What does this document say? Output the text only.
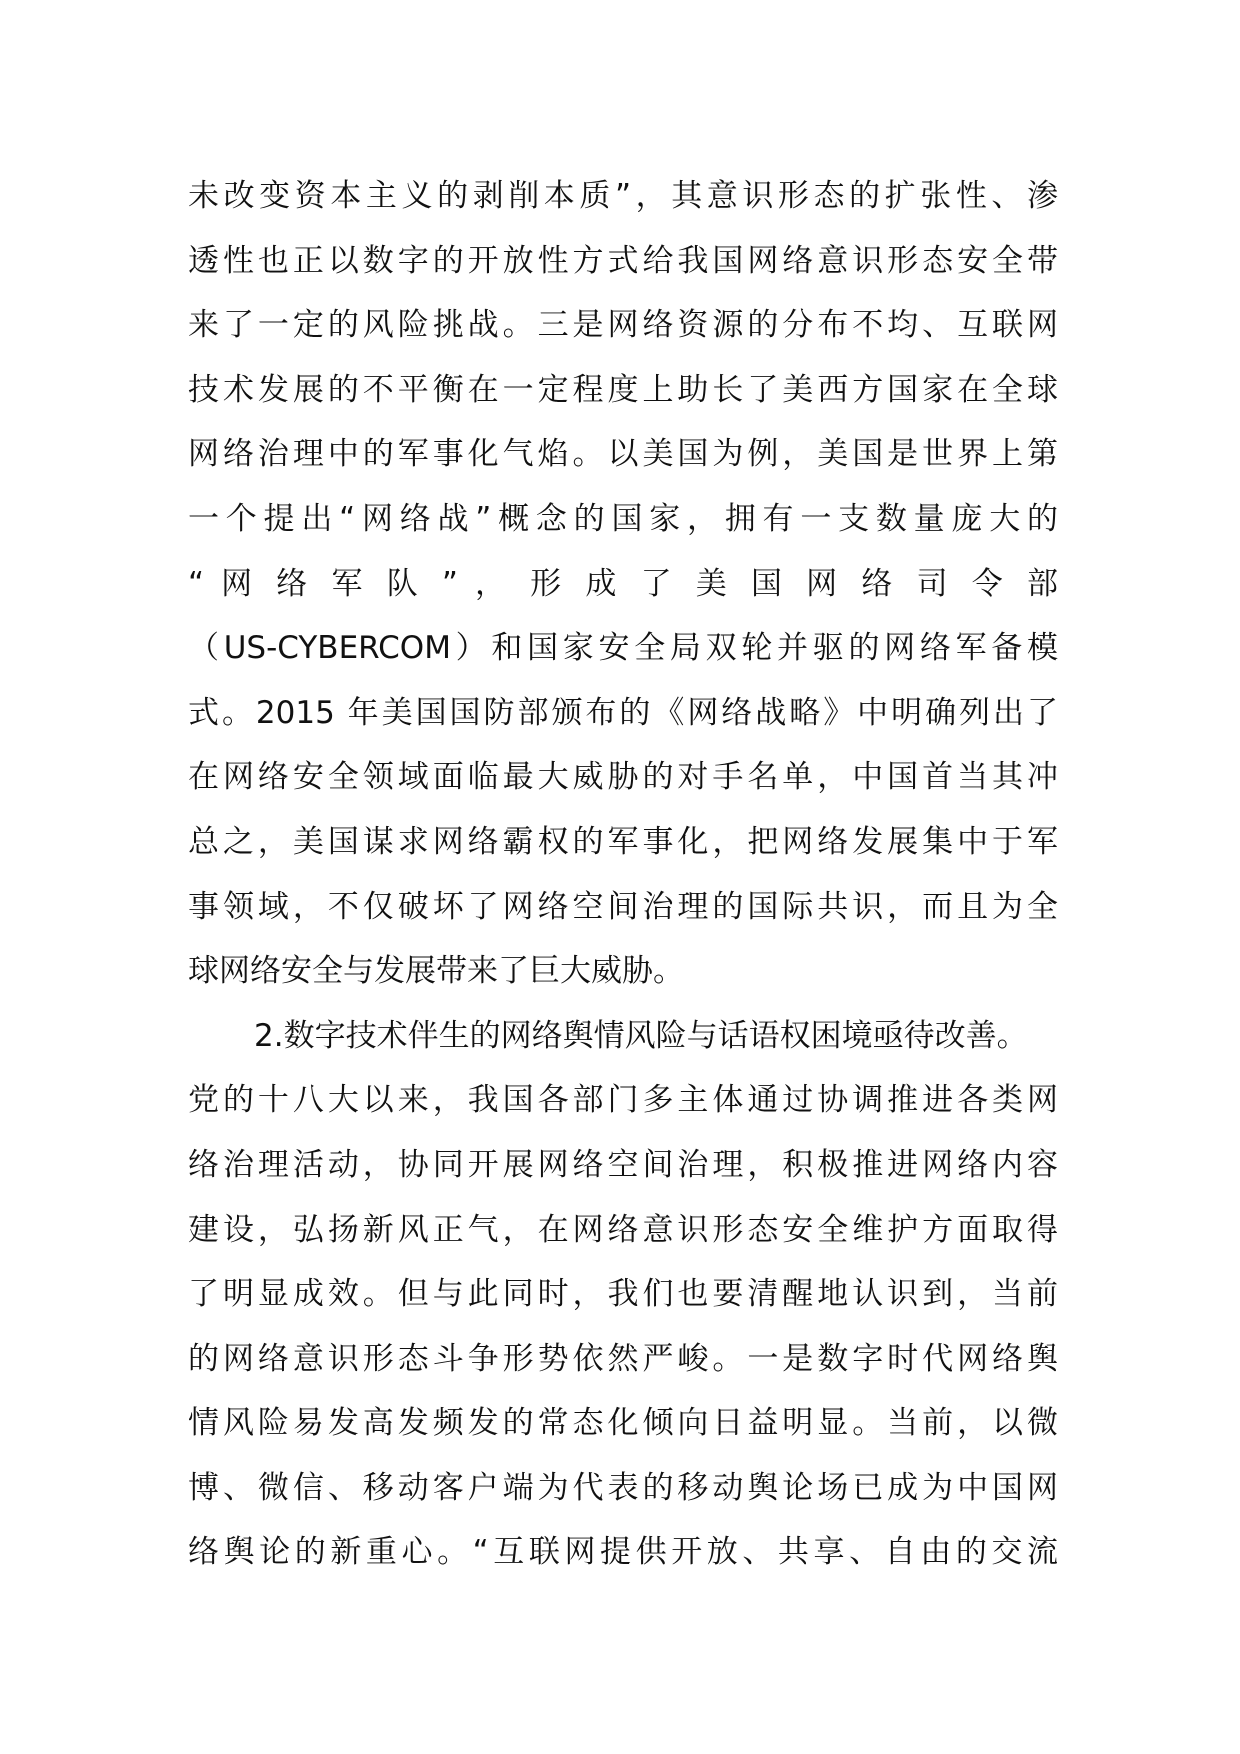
未改变资本主义的剥削本质”，其意识形态的扩张性、渗
透性也正以数字的开放性方式给我国网络意识形态安全带
来了一定的风险挑战。三是网络资源的分布不均、互联网
技术发展的不平衡在一定程度上助长了美西方国家在全球
网络治理中的军事化气焰。以美国为例，美国是世界上第
一个提出“网络战”概念的国家，拥有一支数量庞大的
“ 网 络 军 队 ” ， 形 成 了 美 国 网 络 司 令 部
（US-CYBERCOM）和国家安全局双轮并驱的网络军备模
式。2015 年美国国防部颁布的《网络战略》中明确列出了
在网络安全领域面临最大威胁的对手名单，中国首当其冲
总之，美国谋求网络霸权的军事化，把网络发展集中于军
事领域，不仅破坏了网络空间治理的国际共识，而且为全
球网络安全与发展带来了巨大威胁。
2.数字技术伴生的网络舆情风险与话语权困境亟待改善。
党的十八大以来，我国各部门多主体通过协调推进各类网
络治理活动，协同开展网络空间治理，积极推进网络内容
建设，弘扬新风正气，在网络意识形态安全维护方面取得
了明显成效。但与此同时，我们也要清醒地认识到，当前
的网络意识形态斗争形势依然严峻。一是数字时代网络舆
情风险易发高发频发的常态化倾向日益明显。当前，以微
博、微信、移动客户端为代表的移动舆论场已成为中国网
络舆论的新重心。“互联网提供开放、共享、自由的交流
